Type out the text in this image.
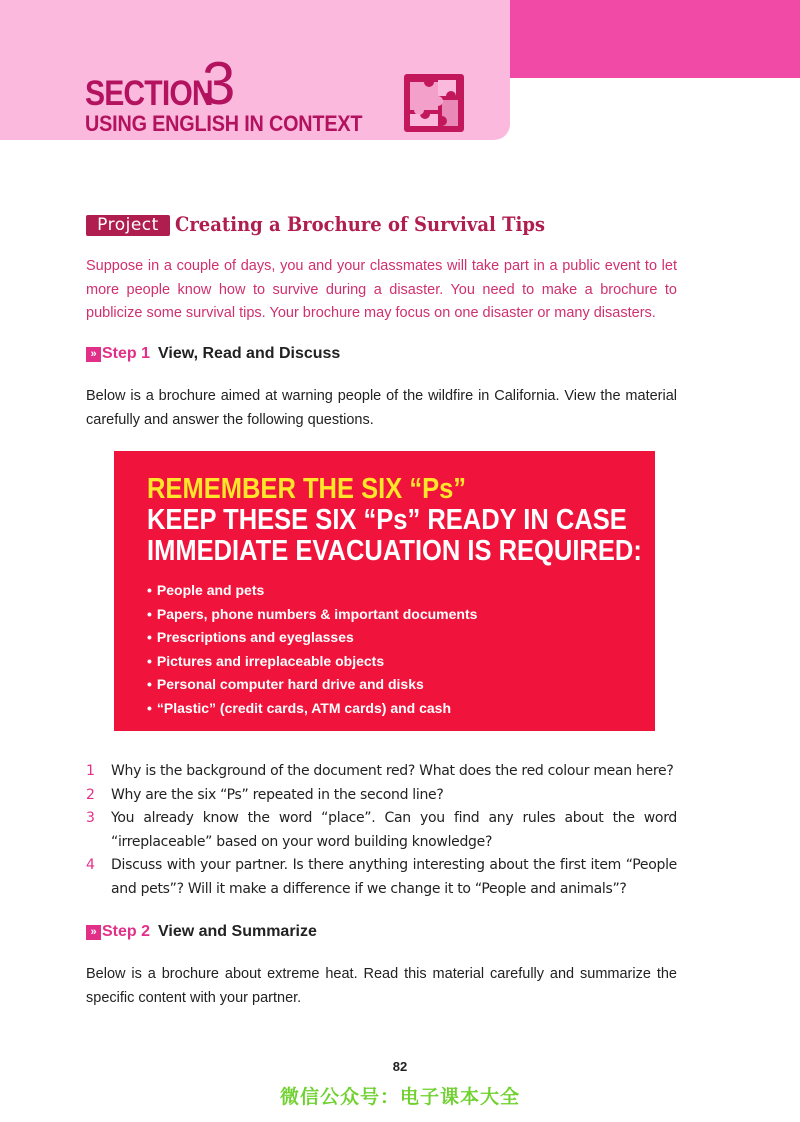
SECTION
3
USING ENGLISH IN CONTEXT
Project Creating a Brochure of Survival Tips
Suppose in a couple of days, you and your classmates will take part in a public event to let more people know how to survive during a disaster. You need to make a brochure to publicize some survival tips. Your brochure may focus on one disaster or many disasters.
» Step 1 View, Read and Discuss
Below is a brochure aimed at warning people of the wildfire in California. View the material carefully and answer the following questions.
REMEMBER THE SIX “Ps”
KEEP THESE SIX “Ps” READY IN CASE
IMMEDIATE EVACUATION IS REQUIRED:
• People and pets
• Papers, phone numbers & important documents
• Prescriptions and eyeglasses
• Pictures and irreplaceable objects
• Personal computer hard drive and disks
• “Plastic” (credit cards, ATM cards) and cash
1 Why is the background of the document red? What does the red colour mean here?
2 Why are the six “Ps” repeated in the second line?
3 You already know the word “place”. Can you find any rules about the word “irreplaceable” based on your word building knowledge?
4 Discuss with your partner. Is there anything interesting about the first item “People and pets”? Will it make a difference if we change it to “People and animals”?
» Step 2 View and Summarize
Below is a brochure about extreme heat. Read this material carefully and summarize the specific content with your partner.
82
微信公众号：电子课本大全
